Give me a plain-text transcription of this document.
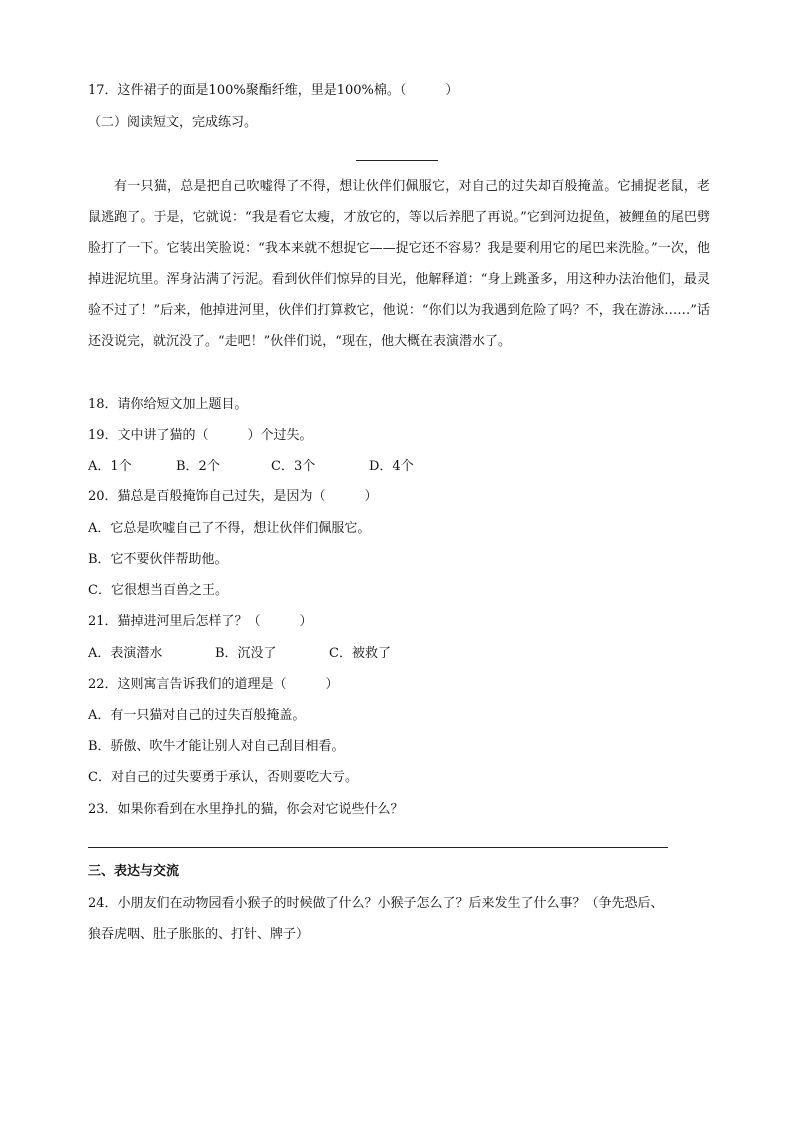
17．这件裙子的面是100%聚酯纤维，里是100%棉。（　　　）
（二）阅读短文，完成练习。
有一只猫，总是把自己吹嘘得了不得，想让伙伴们佩服它，对自己的过失却百般掩盖。它捕捉老鼠，老鼠逃跑了。于是，它就说：“我是看它太瘦，才放它的，等以后养肥了再说。”它到河边捉鱼，被鲤鱼的尾巴劈脸打了一下。它装出笑脸说：“我本来就不想捉它——捉它还不容易？我是要利用它的尾巴来洗脸。”一次，他掉进泥坑里。浑身沾满了污泥。看到伙伴们惊异的目光，他解释道：“身上跳蚤多，用这种办法治他们，最灵验不过了！”后来，他掉进河里，伙伴们打算救它，他说：“你们以为我遇到危险了吗？不，我在游泳……”话还没说完，就沉没了。“走吧！”伙伴们说，“现在，他大概在表演潜水了。
18．请你给短文加上题目。
19．文中讲了猫的（　　　）个过失。
A．1个	B．2个	C．3个	D．4个
20．猫总是百般掩饰自己过失，是因为（　　　）
A．它总是吹嘘自己了不得，想让伙伴们佩服它。
B．它不要伙伴帮助他。
C．它很想当百兽之王。
21．猫掉进河里后怎样了？（　　　）
A．表演潜水	B．沉没了	C．被救了
22．这则寓言告诉我们的道理是（　　　）
A．有一只猫对自己的过失百般掩盖。
B．骄傲、吹牛才能让别人对自己刮目相看。
C．对自己的过失要勇于承认，否则要吃大亏。
23．如果你看到在水里挣扎的猫，你会对它说些什么？
三、表达与交流
24．小朋友们在动物园看小猴子的时候做了什么？小猴子怎么了？后来发生了什么事？（争先恐后、
狼吞虎咽、肚子胀胀的、打针、牌子）
